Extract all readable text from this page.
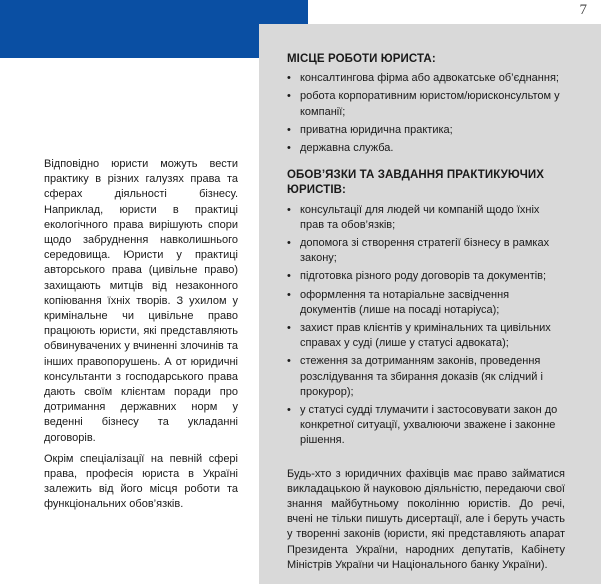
7

Відповідно юристи можуть вести практику в різних галузях права та сферах діяльності бізнесу. Наприклад, юристи в практиці екологічного права вирішують спори щодо забруднення навколишнього середовища. Юристи у практиці авторського права (цивільне право) захищають митців від незаконного копіювання їхніх творів. З ухилом у кримінальне чи цивільне право працюють юристи, які представляють обвинувачених у вчиненні злочинів та інших правопорушень. А от юридичні консультанти з господарського права дають своїм клієнтам поради про дотримання державних норм у веденні бізнесу та укладанні договорів.

Окрім спеціалізації на певній сфері права, професія юриста в Україні залежить від його місця роботи та функціональних обов’язків.

МІСЦЕ РОБОТИ ЮРИСТА:
• консалтингова фірма або адвокатське об’єднання;
• робота корпоративним юристом/юрисконсультом у компанії;
• приватна юридична практика;
• державна служба.
ОБОВ’ЯЗКИ ТА ЗАВДАННЯ ПРАКТИКУЮЧИХ ЮРИСТІВ:
• консультації для людей чи компаній щодо їхніх прав та обов’язків;
• допомога зі створення стратегії бізнесу в рамках закону;
• підготовка різного роду договорів та документів;
• оформлення та нотаріальне засвідчення документів (лише на посаді нотаріуса);
• захист прав клієнтів у кримінальних та цивільних справах у суді (лише у статусі адвоката);
• стеження за дотриманням законів, проведення розслідування та збирання доказів (як слідчий і прокурор);
• у статусі судді тлумачити і застосовувати закон до конкретної ситуації, ухвалюючи зважене і законне рішення.
Будь-хто з юридичних фахівців має право займатися викладацькою й науковою діяльністю, передаючи свої знання майбутньому поколінню юристів. До речі, вчені не тільки пишуть дисертації, але і беруть участь у творенні законів (юристи, які представляють апарат Президента України, народних депутатів, Кабінету Міністрів України чи Національного банку України).
